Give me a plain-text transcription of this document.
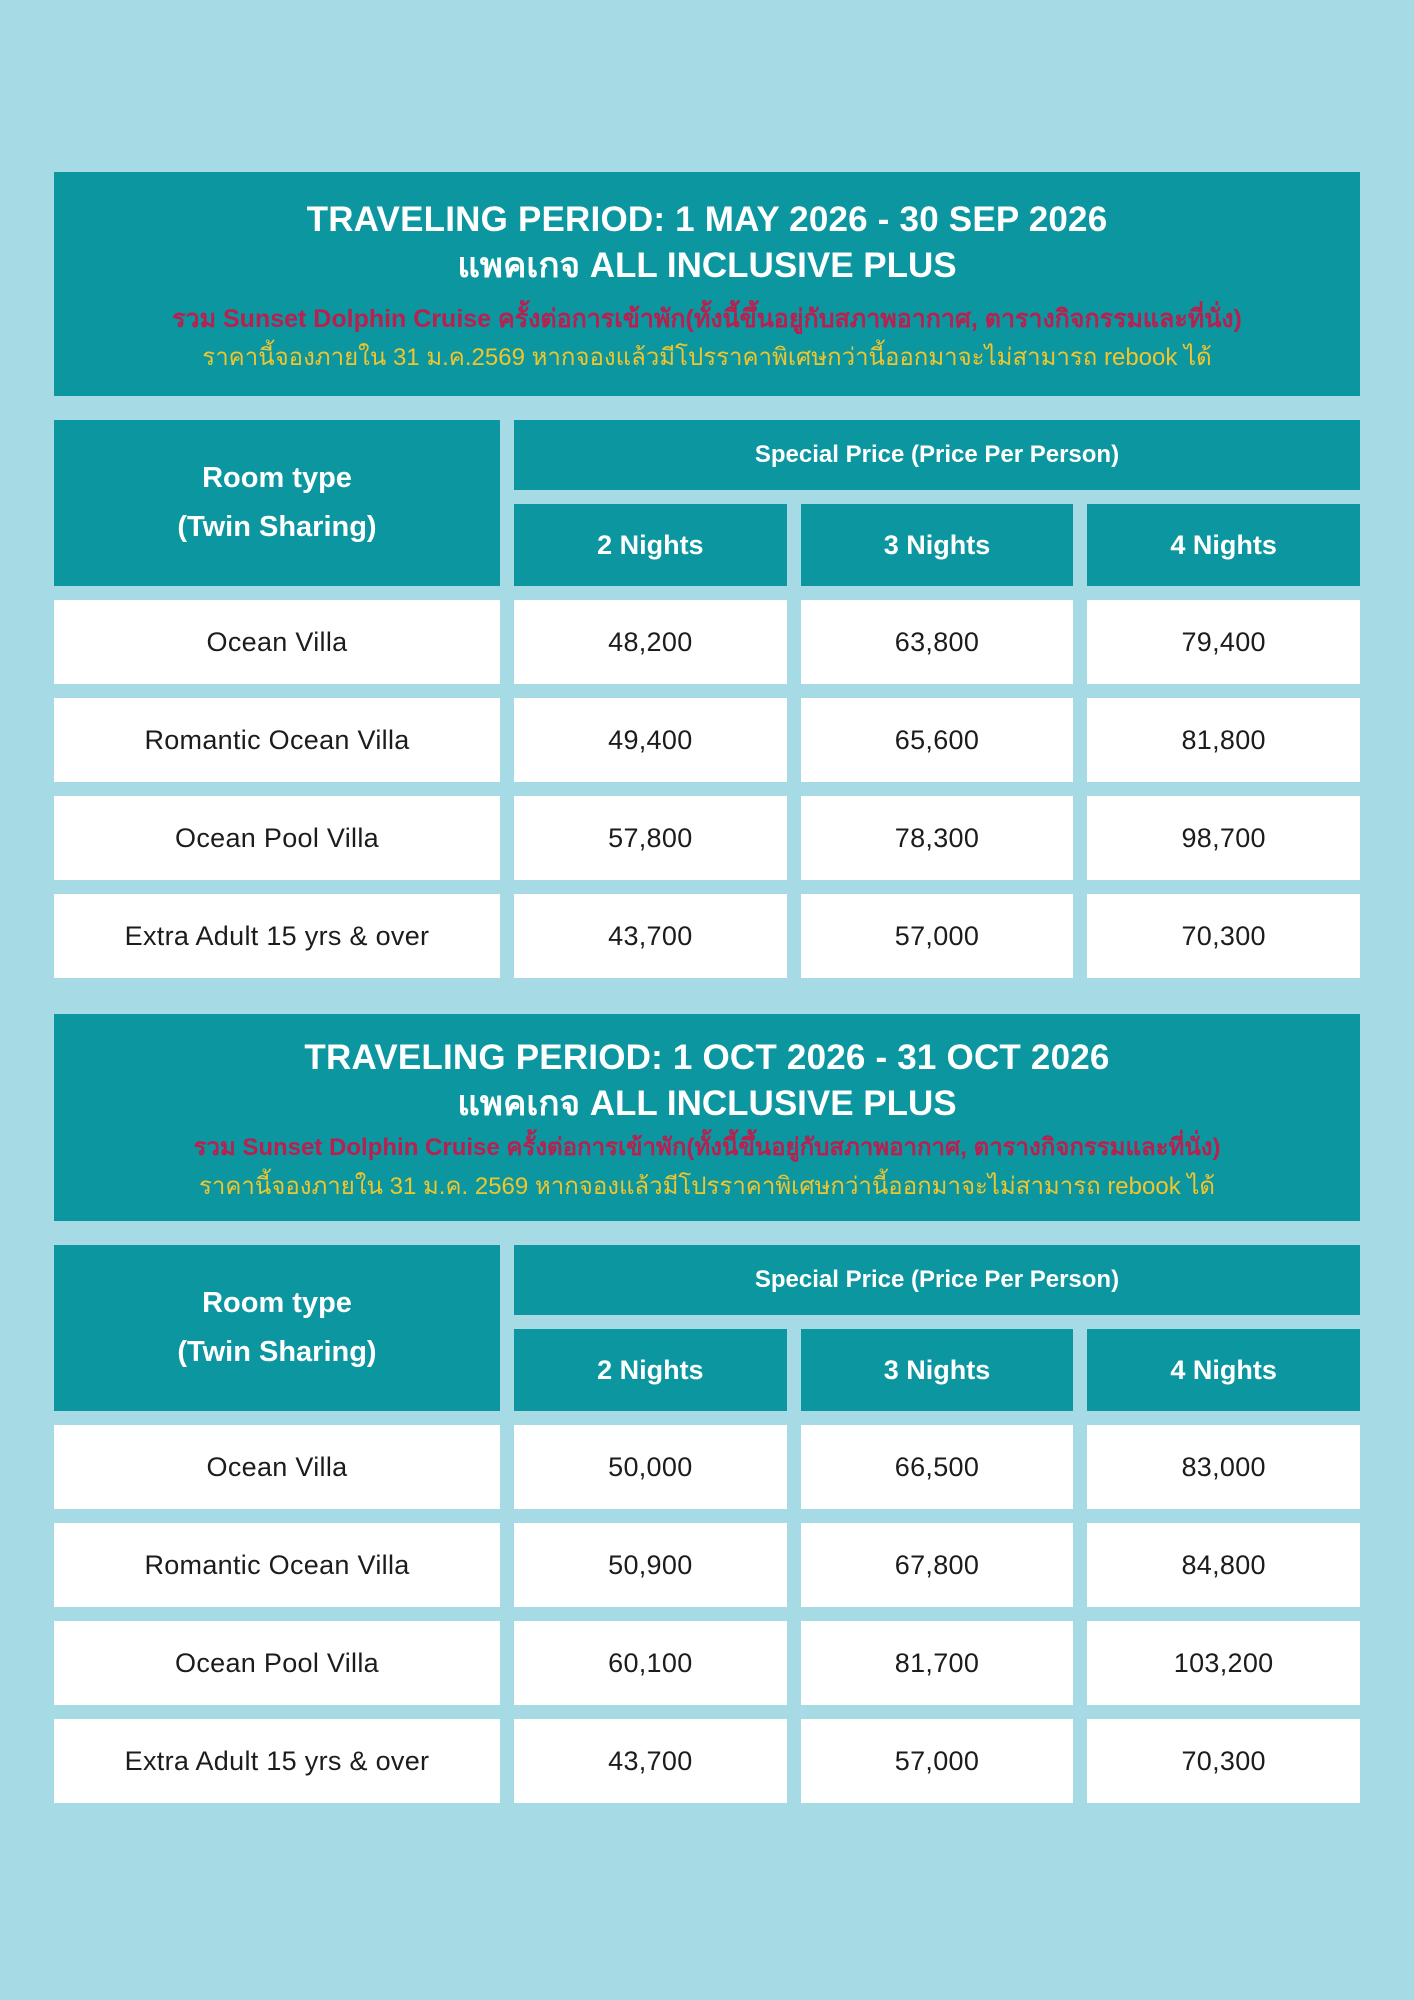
TRAVELING PERIOD: 1 MAY 2026 - 30 SEP 2026
แพคเกจ ALL INCLUSIVE PLUS
รวม Sunset Dolphin Cruise ครั้งต่อการเข้าพัก(ทั้งนี้ขึ้นอยู่กับสภาพอากาศ, ตารางกิจกรรมและที่นั่ง)
ราคานี้จองภายใน 31 ม.ค.2569 หากจองแล้วมีโปรราคาพิเศษกว่านี้ออกมาจะไม่สามารถ rebook ได้
Room type
(Twin Sharing)
Special Price (Price Per Person)
2 Nights	3 Nights	4 Nights
Ocean Villa	48,200	63,800	79,400
Romantic Ocean Villa	49,400	65,600	81,800
Ocean Pool Villa	57,800	78,300	98,700
Extra Adult 15 yrs & over	43,700	57,000	70,300
TRAVELING PERIOD: 1 OCT 2026 - 31 OCT 2026
แพคเกจ ALL INCLUSIVE PLUS
รวม Sunset Dolphin Cruise ครั้งต่อการเข้าพัก(ทั้งนี้ขึ้นอยู่กับสภาพอากาศ, ตารางกิจกรรมและที่นั่ง)
ราคานี้จองภายใน 31 ม.ค. 2569 หากจองแล้วมีโปรราคาพิเศษกว่านี้ออกมาจะไม่สามารถ rebook ได้
Room type
(Twin Sharing)
Special Price (Price Per Person)
2 Nights	3 Nights	4 Nights
Ocean Villa	50,000	66,500	83,000
Romantic Ocean Villa	50,900	67,800	84,800
Ocean Pool Villa	60,100	81,700	103,200
Extra Adult 15 yrs & over	43,700	57,000	70,300
